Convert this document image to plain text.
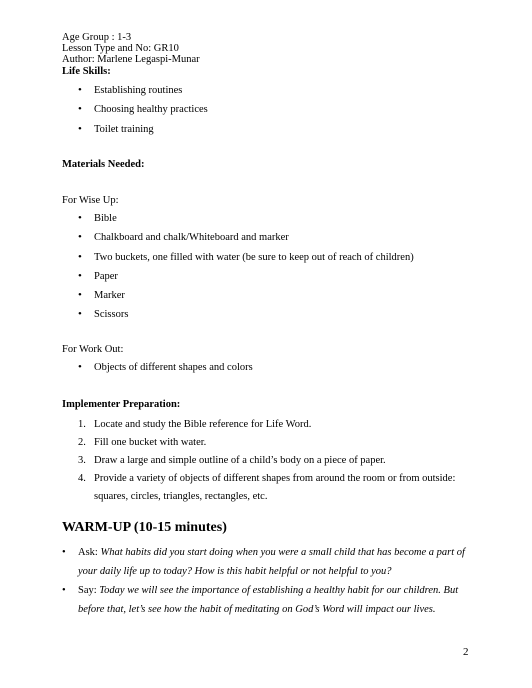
Age Group : 1-3
Lesson Type and No: GR10
Author: Marlene Legaspi-Munar
Life Skills:
• Establishing routines
• Choosing healthy practices
• Toilet training
Materials Needed:
For Wise Up:
• Bible
• Chalkboard and chalk/Whiteboard and marker
• Two buckets, one filled with water (be sure to keep out of reach of children)
• Paper
• Marker
• Scissors
For Work Out:
• Objects of different shapes and colors
Implementer Preparation:
1. Locate and study the Bible reference for Life Word.
2. Fill one bucket with water.
3. Draw a large and simple outline of a child’s body on a piece of paper.
4. Provide a variety of objects of different shapes from around the room or from outside:
squares, circles, triangles, rectangles, etc.
WARM-UP (10-15 minutes)
• Ask: What habits did you start doing when you were a small child that has become a part of your daily life up to today? How is this habit helpful or not helpful to you?
• Say: Today we will see the importance of establishing a healthy habit for our children. But before that, let’s see how the habit of meditating on God’s Word will impact our lives.
2
